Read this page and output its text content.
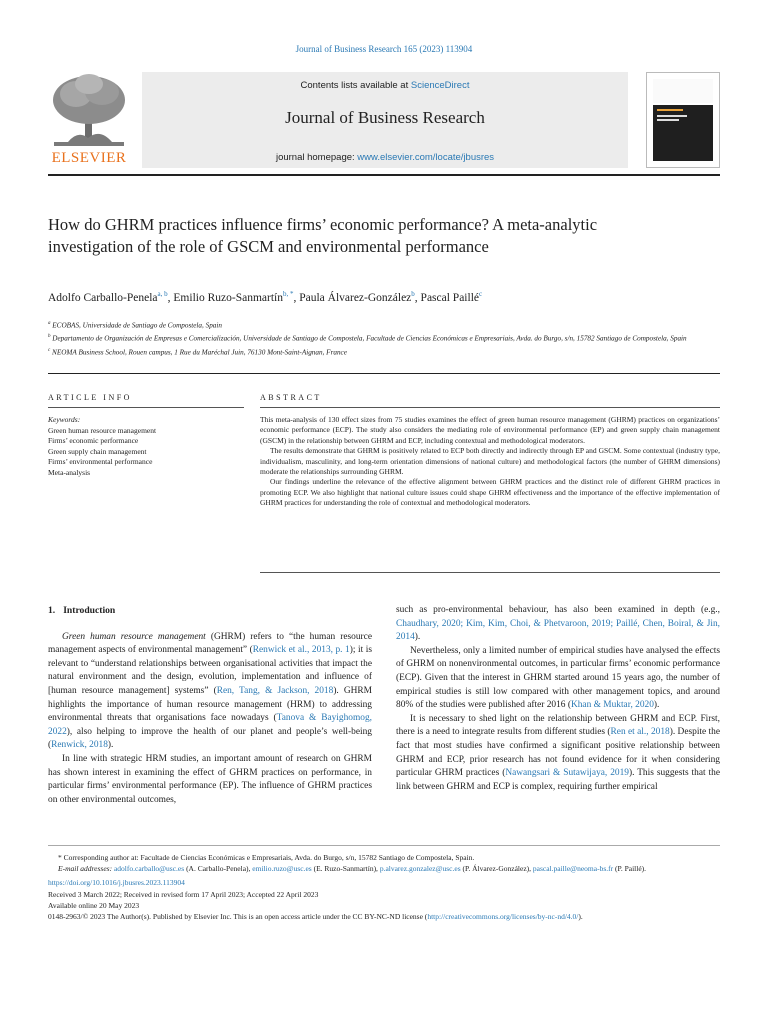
Journal of Business Research 165 (2023) 113904
ELSEVIER
Contents lists available at ScienceDirect
Journal of Business Research
journal homepage: www.elsevier.com/locate/jbusres
How do GHRM practices influence firms’ economic performance? A meta-analytic investigation of the role of GSCM and environmental performance
Adolfo Carballo-Penela$^{a, b}$, Emilio Ruzo-Sanmartín$^{b, *}$, Paula Álvarez-González$^b$, Pascal Paillé$^c$
$^a$ ECOBAS, Universidade de Santiago de Compostela, Spain
$^b$ Departamento de Organización de Empresas e Comercialización, Universidade de Santiago de Compostela, Facultade de Ciencias Económicas e Empresariais, Avda. do Burgo, s/n, 15782 Santiago de Compostela, Spain
$^c$ NEOMA Business School, Rouen campus, 1 Rue du Maréchal Juin, 76130 Mont-Saint-Aignan, France
ARTICLE INFO
Keywords:
Green human resource management
Firms’ economic performance
Green supply chain management
Firms’ environmental performance
Meta-analysis
ABSTRACT

This meta-analysis of 130 effect sizes from 75 studies examines the effect of green human resource management (GHRM) practices on organizations’ economic performance (ECP). The study also considers the mediating role of environmental performance (EP) and green supply chain management (GSCM) in the relationship between GHRM and ECP, including contextual and methodological moderators.

The results demonstrate that GHRM is positively related to ECP both directly and indirectly through EP and GSCM. Some contextual (industry type, individualism, masculinity, and long-term orientation dimensions of national culture) and methodological factors (the number of GHRM dimensions) moderate the relationships surrounding GHRM.

Our findings underline the relevance of the effective alignment between GHRM practices and the distinct role of different GHRM practices in promoting ECP. We also highlight that national culture issues could shape GHRM effectiveness and the importance of the effective implementation of GHRM practices for understanding the role of contextual and methodological moderators.

1. Introduction

Green human resource management (GHRM) refers to “the human resource management aspects of environmental management” (Renwick et al., 2013, p. 1); it is relevant to “understand relationships between organisational activities that impact the natural environment and the design, evolution, implementation and influence of [human resource management] systems” (Ren, Tang, & Jackson, 2018). GHRM highlights the importance of human resource management (HRM) to addressing environmental threats that organisations face nowadays (Tanova & Bayighomog, 2022), also helping to improve the health of our planet and people’s well-being (Renwick, 2018).

In line with strategic HRM studies, an important amount of research on GHRM has shown interest in examining the effect of GHRM practices on performance, in particular firms’ environmental performance (EP). The influence of GHRM practices on other environmental outcomes,

such as pro-environmental behaviour, has also been examined in depth (e.g., Chaudhary, 2020; Kim, Kim, Choi, & Phetvaroon, 2019; Paillé, Chen, Boiral, & Jin, 2014).

Nevertheless, only a limited number of empirical studies have analysed the effects of GHRM on nonenvironmental outcomes, in particular firms’ economic performance (ECP). Given that the interest in GHRM started around 15 years ago, the number of empirical studies is still low compared with other management topics, and around 80% of the studies were published after 2016 (Khan & Muktar, 2020).

It is necessary to shed light on the relationship between GHRM and ECP. First, there is a need to integrate results from different studies (Ren et al., 2018). Despite the fact that most studies have confirmed a significant positive relationship between GHRM and ECP, prior research has not found evidence for it when considering particular GHRM practices (Nawangsari & Sutawijaya, 2019). This suggests that the link between GHRM and ECP is complex, requiring further empirical

* Corresponding author at: Facultade de Ciencias Económicas e Empresariais, Avda. do Burgo, s/n, 15782 Santiago de Compostela, Spain.

E-mail addresses: adolfo.carballo@usc.es (A. Carballo-Penela), emilio.ruzo@usc.es (E. Ruzo-Sanmartín), p.alvarez.gonzalez@usc.es (P. Álvarez-González), pascal.paille@neoma-bs.fr (P. Paillé).

https://doi.org/10.1016/j.jbusres.2023.113904

Received 3 March 2022; Received in revised form 17 April 2023; Accepted 22 April 2023

Available online 20 May 2023

0148-2963/© 2023 The Author(s). Published by Elsevier Inc. This is an open access article under the CC BY-NC-ND license (http://creativecommons.org/licenses/by-nc-nd/4.0/).
